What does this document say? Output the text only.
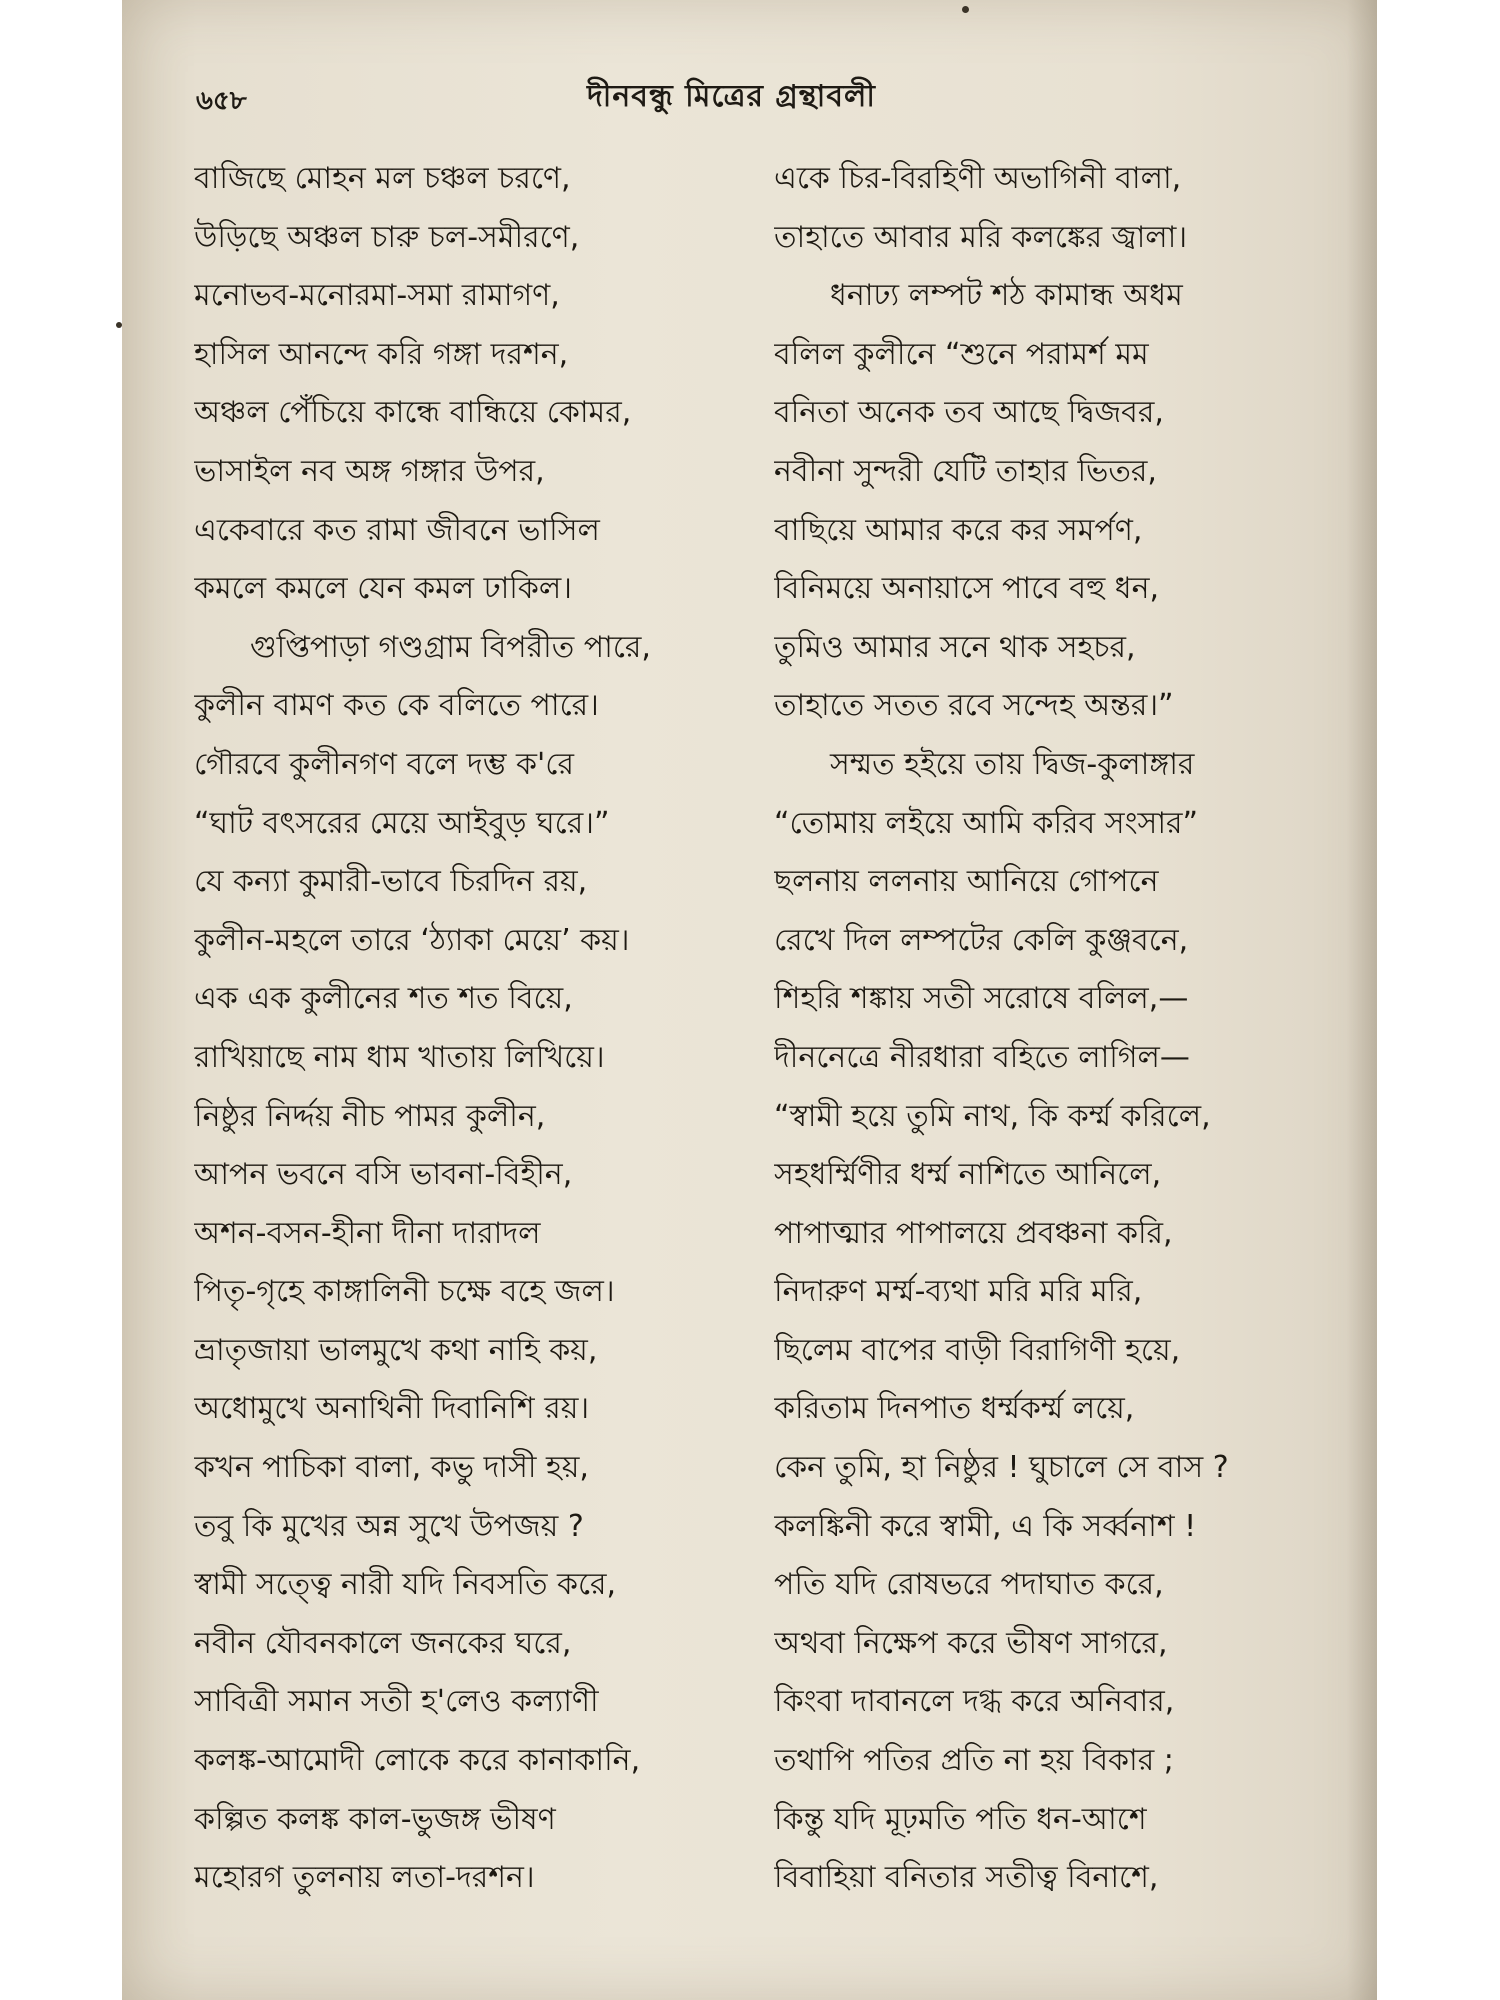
৬৫৮	দীনবন্ধু মিত্রের গ্রন্থাবলী
বাজিছে মোহন মল চঞ্চল চরণে,
উড়িছে অঞ্চল চারু চল-সমীরণে,
মনোভব-মনোরমা-সমা রামাগণ,
হাসিল আনন্দে করি গঙ্গা দরশন,
অঞ্চল পেঁচিয়ে কান্ধে বান্ধিয়ে কোমর,
ভাসাইল নব অঙ্গ গঙ্গার উপর,
একেবারে কত রামা জীবনে ভাসিল
কমলে কমলে যেন কমল ঢাকিল।
গুপ্তিপাড়া গণ্ডগ্রাম বিপরীত পারে,
কুলীন বামণ কত কে বলিতে পারে।
গৌরবে কুলীনগণ বলে দম্ভ ক'রে
“ঘাট বৎসরের মেয়ে আইবুড় ঘরে।”
যে কন্যা কুমারী-ভাবে চিরদিন রয়,
কুলীন-মহলে তারে ‘ঠ্যাকা মেয়ে’ কয়।
এক এক কুলীনের শত শত বিয়ে,
রাখিয়াছে নাম ধাম খাতায় লিখিয়ে।
নিষ্ঠুর নির্দ্দয় নীচ পামর কুলীন,
আপন ভবনে বসি ভাবনা-বিহীন,
অশন-বসন-হীনা দীনা দারাদল
পিতৃ-গৃহে কাঙ্গালিনী চক্ষে বহে জল।
ভ্রাতৃজায়া ভালমুখে কথা নাহি কয়,
অধোমুখে অনাথিনী দিবানিশি রয়।
কখন পাচিকা বালা, কভু দাসী হয়,
তবু কি মুখের অন্ন সুখে উপজয় ?
স্বামী সত্ত্বে নারী যদি নিবসতি করে,
নবীন যৌবনকালে জনকের ঘরে,
সাবিত্রী সমান সতী হ'লেও কল্যাণী
কলঙ্ক-আমোদী লোকে করে কানাকানি,
কল্পিত কলঙ্ক কাল-ভুজঙ্গ ভীষণ
মহোরগ তুলনায় লতা-দরশন।
একে চির-বিরহিণী অভাগিনী বালা,
তাহাতে আবার মরি কলঙ্কের জ্বালা।
ধনাঢ্য লম্পট শঠ কামান্ধ অধম
বলিল কুলীনে “শুনে পরামর্শ মম
বনিতা অনেক তব আছে দ্বিজবর,
নবীনা সুন্দরী যেটি তাহার ভিতর,
বাছিয়ে আমার করে কর সমর্পণ,
বিনিময়ে অনায়াসে পাবে বহু ধন,
তুমিও আমার সনে থাক সহচর,
তাহাতে সতত রবে সন্দেহ অন্তর।”
সম্মত হইয়ে তায় দ্বিজ-কুলাঙ্গার
“তোমায় লইয়ে আমি করিব সংসার”
ছলনায় ললনায় আনিয়ে গোপনে
রেখে দিল লম্পটের কেলি কুঞ্জবনে,
শিহরি শঙ্কায় সতী সরোষে বলিল,—
দীননেত্রে নীরধারা বহিতে লাগিল—
“স্বামী হয়ে তুমি নাথ, কি কর্ম্ম করিলে,
সহধর্ম্মিণীর ধর্ম্ম নাশিতে আনিলে,
পাপাত্মার পাপালয়ে প্রবঞ্চনা করি,
নিদারুণ মর্ম্ম-ব্যথা মরি মরি মরি,
ছিলেম বাপের বাড়ী বিরাগিণী হয়ে,
করিতাম দিনপাত ধর্ম্মকর্ম্ম লয়ে,
কেন তুমি, হা নিষ্ঠুর ! ঘুচালে সে বাস ?
কলঙ্কিনী করে স্বামী, এ কি সর্ব্বনাশ !
পতি যদি রোষভরে পদাঘাত করে,
অথবা নিক্ষেপ করে ভীষণ সাগরে,
কিংবা দাবানলে দগ্ধ করে অনিবার,
তথাপি পতির প্রতি না হয় বিকার ;
কিন্তু যদি মূঢ়মতি পতি ধন-আশে
বিবাহিয়া বনিতার সতীত্ব বিনাশে,
